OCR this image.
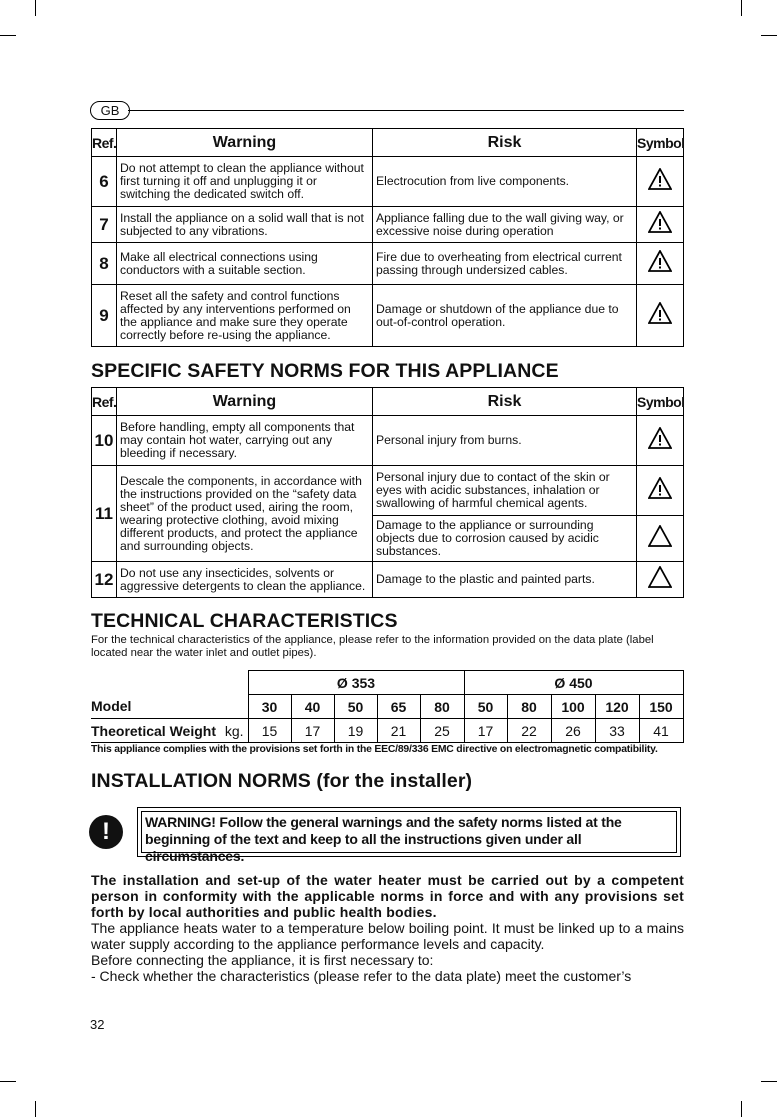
GB
Ref.	Warning	Risk	Symbol
6	Do not attempt to clean the appliance without first turning it off and unplugging it or switching the dedicated switch off.	Electrocution from live components.	
7	Install the appliance on a solid wall that is not subjected to any vibrations.	Appliance falling due to the wall giving way, or excessive noise during operation	
8	Make all electrical connections using conductors with a suitable section.	Fire due to overheating from electrical current passing through undersized cables.	
9	Reset all the safety and control functions affected by any interventions performed on the appliance and make sure they operate correctly before re-using the appliance.	Damage or shutdown of the appliance due to out-of-control operation.	
SPECIFIC SAFETY NORMS FOR THIS APPLIANCE
Ref.	Warning	Risk	Symbol
10	Before handling, empty all components that may contain hot water, carrying out any bleeding if necessary.	Personal injury from burns.	
11	Descale the components, in accordance with the instructions provided on the “safety data sheet” of the product used, airing the room, wearing protective clothing, avoid mixing different products, and protect the appliance and surrounding objects.	Personal injury due to contact of the skin or eyes with acidic substances, inhalation or swallowing of harmful chemical agents.	
		Damage to the appliance or surrounding objects due to corrosion caused by acidic substances.	
12	Do not use any insecticides, solvents or aggressive detergents to clean the appliance.	Damage to the plastic and painted parts.	
TECHNICAL CHARACTERISTICS
For the technical characteristics of the appliance, please refer to the information provided on the data plate (label located near the water inlet and outlet pipes).
	Ø 353					Ø 450				
Model	30	40	50	65	80	50	80	100	120	150
Theoretical Weight kg.	15	17	19	21	25	17	22	26	33	41
This appliance complies with the provisions set forth in the EEC/89/336 EMC directive on electromagnetic compatibility.
INSTALLATION NORMS (for the installer)
!	WARNING! Follow the general warnings and the safety norms listed at the beginning of the text and keep to all the instructions given under all circumstances.
The installation and set-up of the water heater must be carried out by a competent person in conformity with the applicable norms in force and with any provisions set forth by local authorities and public health bodies.
The appliance heats water to a temperature below boiling point. It must be linked up to a mains water supply according to the appliance performance levels and capacity.
Before connecting the appliance, it is first necessary to:
- Check whether the characteristics (please refer to the data plate) meet the customer’s
32
